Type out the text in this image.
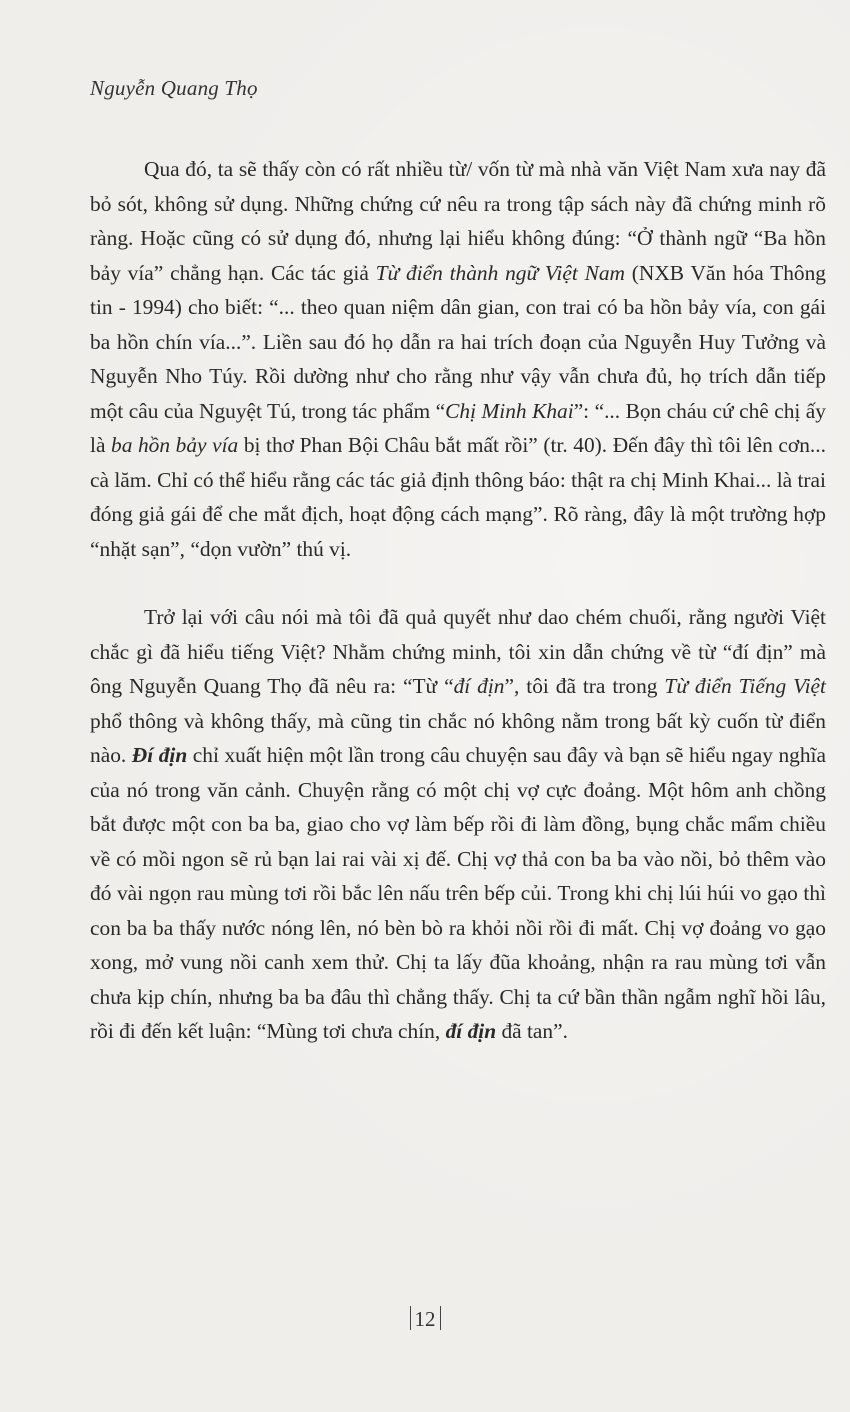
Nguyễn Quang Thọ

Qua đó, ta sẽ thấy còn có rất nhiều từ/ vốn từ mà nhà văn Việt Nam xưa nay đã bỏ sót, không sử dụng. Những chứng cứ nêu ra trong tập sách này đã chứng minh rõ ràng. Hoặc cũng có sử dụng đó, nhưng lại hiểu không đúng: “Ở thành ngữ “Ba hồn bảy vía” chẳng hạn. Các tác giả Từ điển thành ngữ Việt Nam (NXB Văn hóa Thông tin - 1994) cho biết: “... theo quan niệm dân gian, con trai có ba hồn bảy vía, con gái ba hồn chín vía...”. Liền sau đó họ dẫn ra hai trích đoạn của Nguyễn Huy Tưởng và Nguyễn Nho Túy. Rồi dường như cho rằng như vậy vẫn chưa đủ, họ trích dẫn tiếp một câu của Nguyệt Tú, trong tác phẩm “Chị Minh Khai”: “... Bọn cháu cứ chê chị ấy là ba hồn bảy vía bị thơ Phan Bội Châu bắt mất rồi” (tr. 40). Đến đây thì tôi lên cơn... cà lăm. Chỉ có thể hiểu rằng các tác giả định thông báo: thật ra chị Minh Khai... là trai đóng giả gái để che mắt địch, hoạt động cách mạng”. Rõ ràng, đây là một trường hợp “nhặt sạn”, “dọn vườn” thú vị.

Trở lại với câu nói mà tôi đã quả quyết như dao chém chuối, rằng người Việt chắc gì đã hiểu tiếng Việt? Nhằm chứng minh, tôi xin dẫn chứng về từ “đí địn” mà ông Nguyễn Quang Thọ đã nêu ra: “Từ “đí địn”, tôi đã tra trong Từ điển Tiếng Việt phổ thông và không thấy, mà cũng tin chắc nó không nằm trong bất kỳ cuốn từ điển nào. Đí địn chỉ xuất hiện một lần trong câu chuyện sau đây và bạn sẽ hiểu ngay nghĩa của nó trong văn cảnh. Chuyện rằng có một chị vợ cực đoảng. Một hôm anh chồng bắt được một con ba ba, giao cho vợ làm bếp rồi đi làm đồng, bụng chắc mẩm chiều về có mồi ngon sẽ rủ bạn lai rai vài xị đế. Chị vợ thả con ba ba vào nồi, bỏ thêm vào đó vài ngọn rau mùng tơi rồi bắc lên nấu trên bếp củi. Trong khi chị lúi húi vo gạo thì con ba ba thấy nước nóng lên, nó bèn bò ra khỏi nồi rồi đi mất. Chị vợ đoảng vo gạo xong, mở vung nồi canh xem thử. Chị ta lấy đũa khoảng, nhận ra rau mùng tơi vẫn chưa kịp chín, nhưng ba ba đâu thì chẳng thấy. Chị ta cứ bần thần ngẫm nghĩ hồi lâu, rồi đi đến kết luận: “Mùng tơi chưa chín, đí địn đã tan”.

12
